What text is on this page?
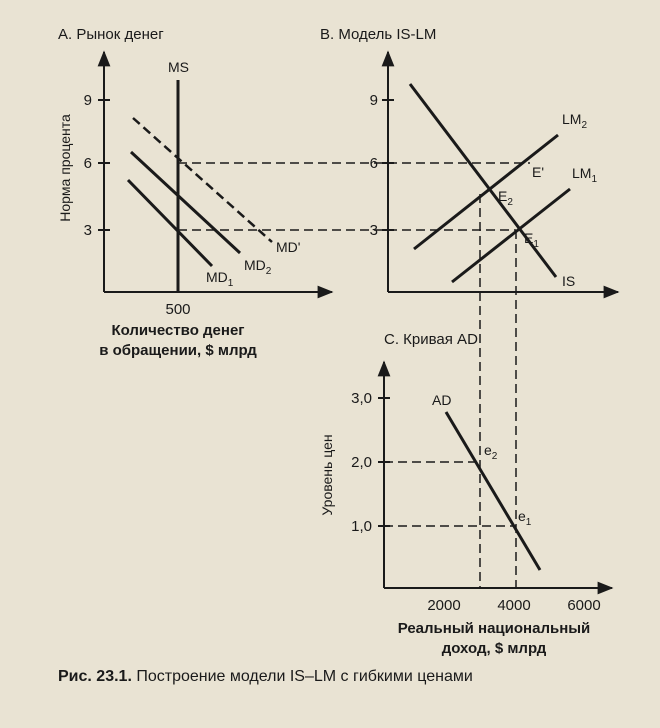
А. Рынок денег
Норма процента
9
6
3
MS
500
$MD_1$
$MD_2$
MD'
Количество денег
в обращении, $ млрд
В. Модель IS-LM
9
6
3
IS
$LM_2$
$LM_1$
E'
$E_2$
$E_1$
С. Кривая AD
Уровень цен
3,0
2,0
1,0
2000 4000 6000
AD
$e_2$
$e_1$
Реальный национальный
доход, $ млрд
Рис. 23.1. Построение модели IS–LM с гибкими ценами
